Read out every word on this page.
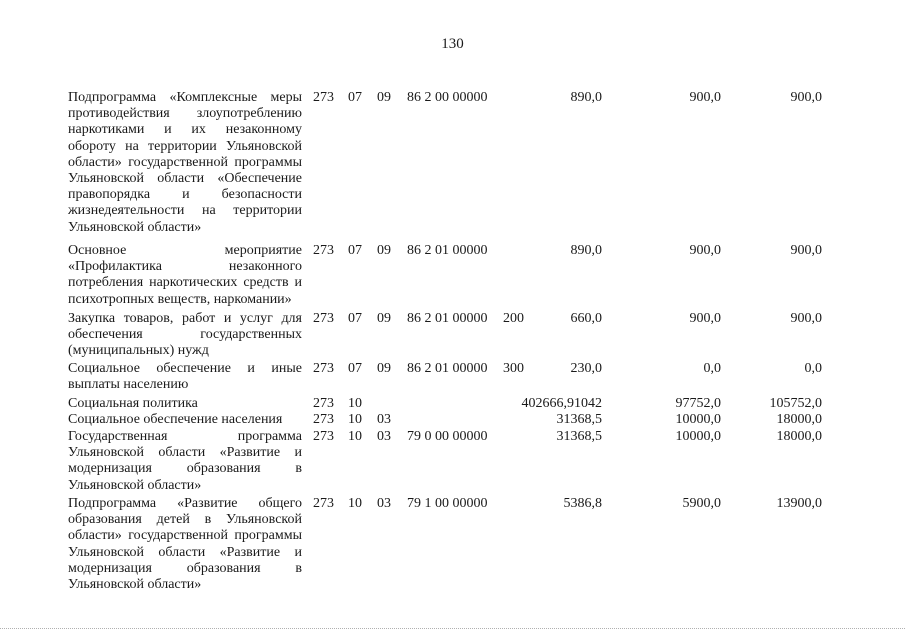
130
Подпрограмма «Комплексные меры противодействия злоупотреблению наркотиками и их незаконному обороту на территории Ульяновской области» государственной программы Ульяновской области «Обеспечение правопорядка и безопасности жизнедеятельности на территории Ульяновской области»
273 07 09 86 2 00 00000	890,0	900,0	900,0
Основное мероприятие «Профилактика незаконного потребления наркотических средств и психотропных веществ, наркомании»
273 07 09 86 2 01 00000	890,0	900,0	900,0
Закупка товаров, работ и услуг для обеспечения государственных (муниципальных) нужд
273 07 09 86 2 01 00000 200	660,0	900,0	900,0
Социальное обеспечение и иные выплаты населению
273 07 09 86 2 01 00000 300	230,0	0,0	0,0
Социальная политика	273 10	402666,91042	97752,0	105752,0
Социальное обеспечение населения	273 10 03	31368,5	10000,0	18000,0
Государственная программа Ульяновской области «Развитие и модернизация образования в Ульяновской области»
273 10 03 79 0 00 00000	31368,5	10000,0	18000,0
Подпрограмма «Развитие общего образования детей в Ульяновской области» государственной программы Ульяновской области «Развитие и модернизация образования в Ульяновской области»
273 10 03 79 1 00 00000	5386,8	5900,0	13900,0
